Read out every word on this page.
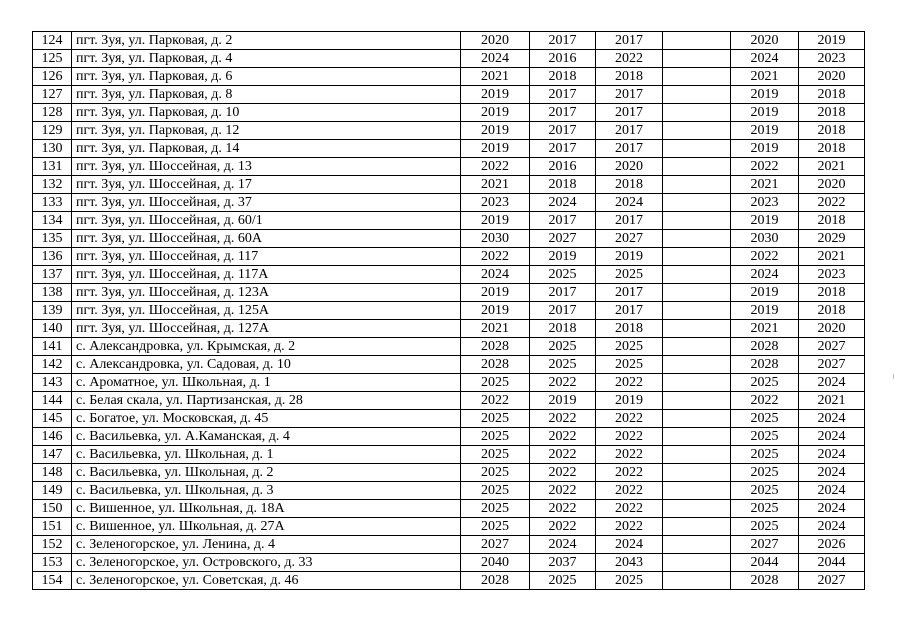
124	пгт. Зуя, ул. Парковая, д. 2	2020	2017	2017		2020	2019
125	пгт. Зуя, ул. Парковая, д. 4	2024	2016	2022		2024	2023
126	пгт. Зуя, ул. Парковая, д. 6	2021	2018	2018		2021	2020
127	пгт. Зуя, ул. Парковая, д. 8	2019	2017	2017		2019	2018
128	пгт. Зуя, ул. Парковая, д. 10	2019	2017	2017		2019	2018
129	пгт. Зуя, ул. Парковая, д. 12	2019	2017	2017		2019	2018
130	пгт. Зуя, ул. Парковая, д. 14	2019	2017	2017		2019	2018
131	пгт. Зуя, ул. Шоссейная, д. 13	2022	2016	2020		2022	2021
132	пгт. Зуя, ул. Шоссейная, д. 17	2021	2018	2018		2021	2020
133	пгт. Зуя, ул. Шоссейная, д. 37	2023	2024	2024		2023	2022
134	пгт. Зуя, ул. Шоссейная, д. 60/1	2019	2017	2017		2019	2018
135	пгт. Зуя, ул. Шоссейная, д. 60А	2030	2027	2027		2030	2029
136	пгт. Зуя, ул. Шоссейная, д. 117	2022	2019	2019		2022	2021
137	пгт. Зуя, ул. Шоссейная, д. 117А	2024	2025	2025		2024	2023
138	пгт. Зуя, ул. Шоссейная, д. 123А	2019	2017	2017		2019	2018
139	пгт. Зуя, ул. Шоссейная, д. 125А	2019	2017	2017		2019	2018
140	пгт. Зуя, ул. Шоссейная, д. 127А	2021	2018	2018		2021	2020
141	с. Александровка, ул. Крымская, д. 2	2028	2025	2025		2028	2027
142	с. Александровка, ул. Садовая, д. 10	2028	2025	2025		2028	2027
143	с. Ароматное, ул. Школьная, д. 1	2025	2022	2022		2025	2024
144	с. Белая скала, ул. Партизанская, д. 28	2022	2019	2019		2022	2021
145	с. Богатое, ул. Московская, д. 45	2025	2022	2022		2025	2024
146	с. Васильевка, ул. А.Каманская, д. 4	2025	2022	2022		2025	2024
147	с. Васильевка, ул. Школьная, д. 1	2025	2022	2022		2025	2024
148	с. Васильевка, ул. Школьная, д. 2	2025	2022	2022		2025	2024
149	с. Васильевка, ул. Школьная, д. 3	2025	2022	2022		2025	2024
150	с. Вишенное, ул. Школьная, д. 18А	2025	2022	2022		2025	2024
151	с. Вишенное, ул. Школьная, д. 27А	2025	2022	2022		2025	2024
152	с. Зеленогорское, ул. Ленина, д. 4	2027	2024	2024		2027	2026
153	с. Зеленогорское, ул. Островского, д. 33	2040	2037	2043		2044	2044
154	с. Зеленогорское, ул. Советская, д. 46	2028	2025	2025		2028	2027
